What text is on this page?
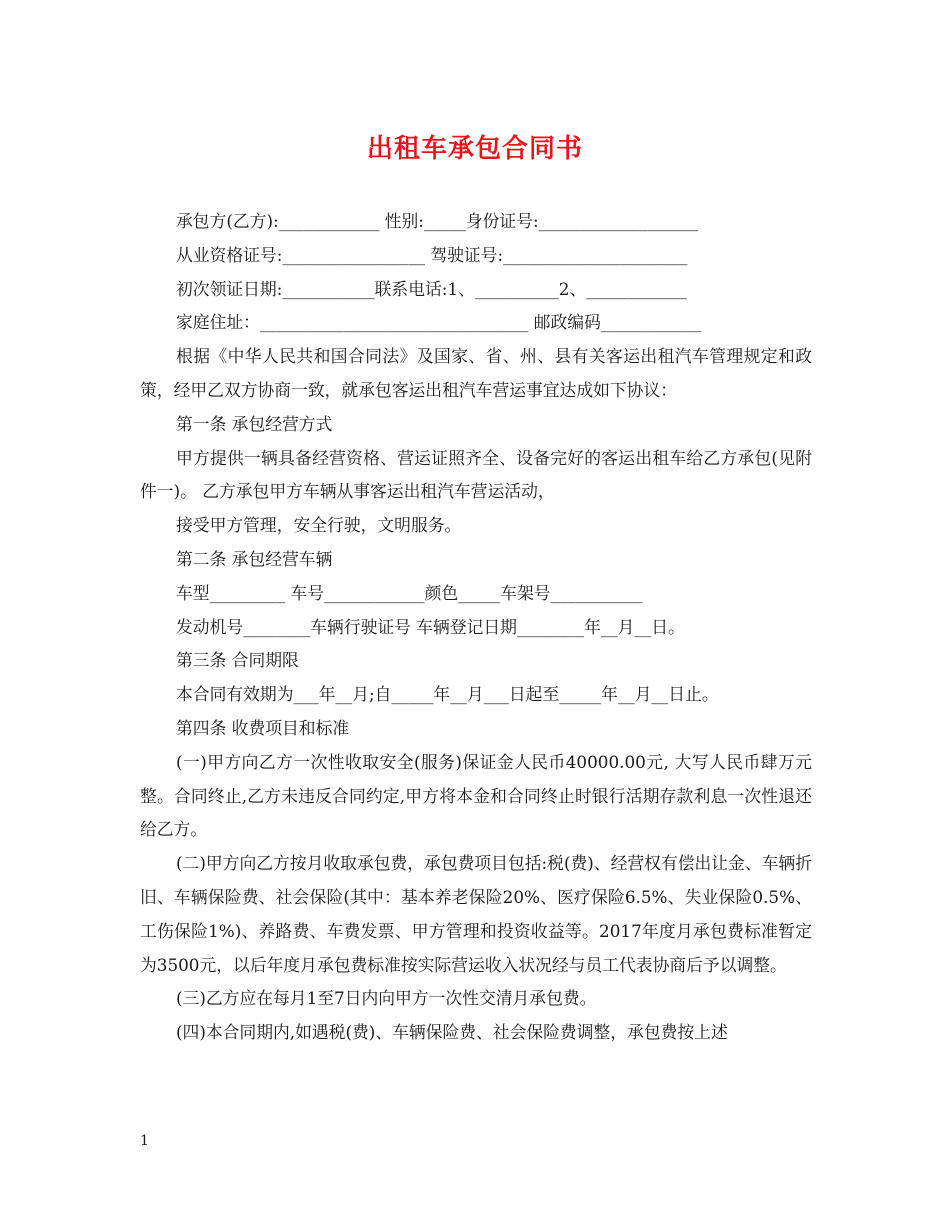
出租车承包合同书
承包方(乙方):____________ 性别:_____身份证号:___________________
从业资格证号:_________________ 驾驶证号:______________________
初次领证日期:___________联系电话:1、__________2、____________
家庭住址：________________________________ 邮政编码____________
根据《中华人民共和国合同法》及国家、省、州、县有关客运出租汽车管理规定和政策，经甲乙双方协商一致，就承包客运出租汽车营运事宜达成如下协议：
第一条 承包经营方式
甲方提供一辆具备经营资格、营运证照齐全、设备完好的客运出租车给乙方承包(见附件一)。 乙方承包甲方车辆从事客运出租汽车营运活动，
接受甲方管理，安全行驶，文明服务。
第二条 承包经营车辆
车型_________ 车号____________颜色_____车架号___________
发动机号________车辆行驶证号 车辆登记日期________年__月__日。
第三条 合同期限
本合同有效期为___年__月;自_____年__月___日起至_____年__月__日止。
第四条 收费项目和标准
(一)甲方向乙方一次性收取安全(服务)保证金人民币40000.00元, 大写人民币肆万元整。合同终止,乙方未违反合同约定,甲方将本金和合同终止时银行活期存款利息一次性退还给乙方。
(二)甲方向乙方按月收取承包费，承包费项目包括:税(费)、经营权有偿出让金、车辆折旧、车辆保险费、社会保险(其中：基本养老保险20%、医疗保险6.5%、失业保险0.5%、工伤保险1%)、养路费、车费发票、甲方管理和投资收益等。2017年度月承包费标准暂定为3500元，以后年度月承包费标准按实际营运收入状况经与员工代表协商后予以调整。
(三)乙方应在每月1至7日内向甲方一次性交清月承包费。
(四)本合同期内,如遇税(费)、车辆保险费、社会保险费调整，承包费按上述
1
